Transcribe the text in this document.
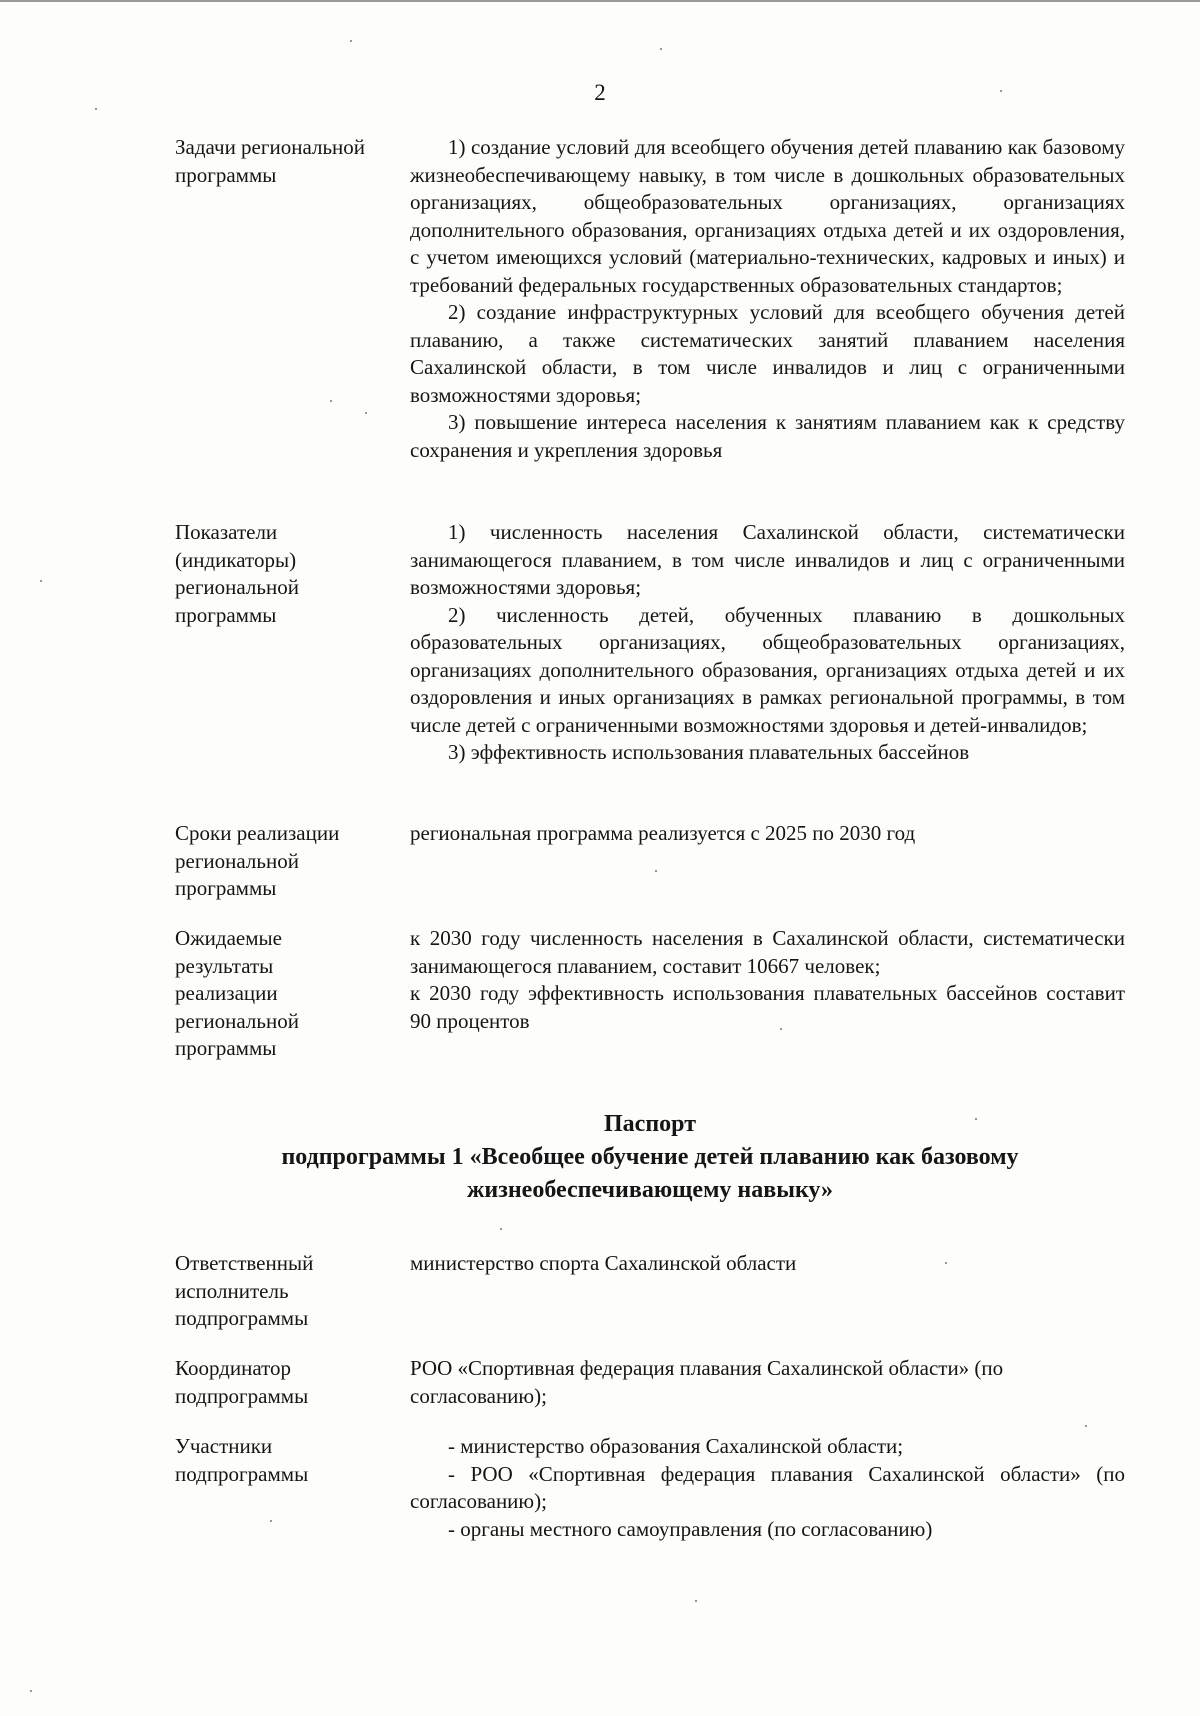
2
Задачи региональной
программы

1) создание условий для всеобщего обучения детей плаванию как базовому жизнеобеспечивающему навыку, в том числе в дошкольных образовательных организациях, общеобразовательных организациях, организациях дополнительного образования, организациях отдыха детей и их оздоровления, с учетом имеющихся условий (материально-технических, кадровых и иных) и требований федеральных государственных образовательных стандартов;

2) создание инфраструктурных условий для всеобщего обучения детей плаванию, а также систематических занятий плаванием населения Сахалинской области, в том числе инвалидов и лиц с ограниченными возможностями здоровья;

3) повышение интереса населения к занятиям плаванием как к средству сохранения и укрепления здоровья

Показатели
(индикаторы)
региональной
программы

1) численность населения Сахалинской области, систематически занимающегося плаванием, в том числе инвалидов и лиц с ограниченными возможностями здоровья;

2) численность детей, обученных плаванию в дошкольных образовательных организациях, общеобразовательных организациях, организациях дополнительного образования, организациях отдыха детей и их оздоровления и иных организациях в рамках региональной программы, в том числе детей с ограниченными возможностями здоровья и детей-инвалидов;

3) эффективность использования плавательных бассейнов

Сроки реализации
региональной
программы

региональная программа реализуется с 2025 по 2030 год

Ожидаемые
результаты
реализации
региональной
программы

к 2030 году численность населения в Сахалинской области, систематически занимающегося плаванием, составит 10667 человек;

к 2030 году эффективность использования плавательных бассейнов составит 90 процентов

Паспорт
подпрограммы 1 «Всеобщее обучение детей плаванию как базовому
жизнеобеспечивающему навыку»
Ответственный
исполнитель
подпрограммы

министерство спорта Сахалинской области

Координатор
подпрограммы

РОО «Спортивная федерация плавания Сахалинской области» (по согласованию);

Участники
подпрограммы

- министерство образования Сахалинской области;

- РОО «Спортивная федерация плавания Сахалинской области» (по согласованию);

- органы местного самоуправления (по согласованию)
